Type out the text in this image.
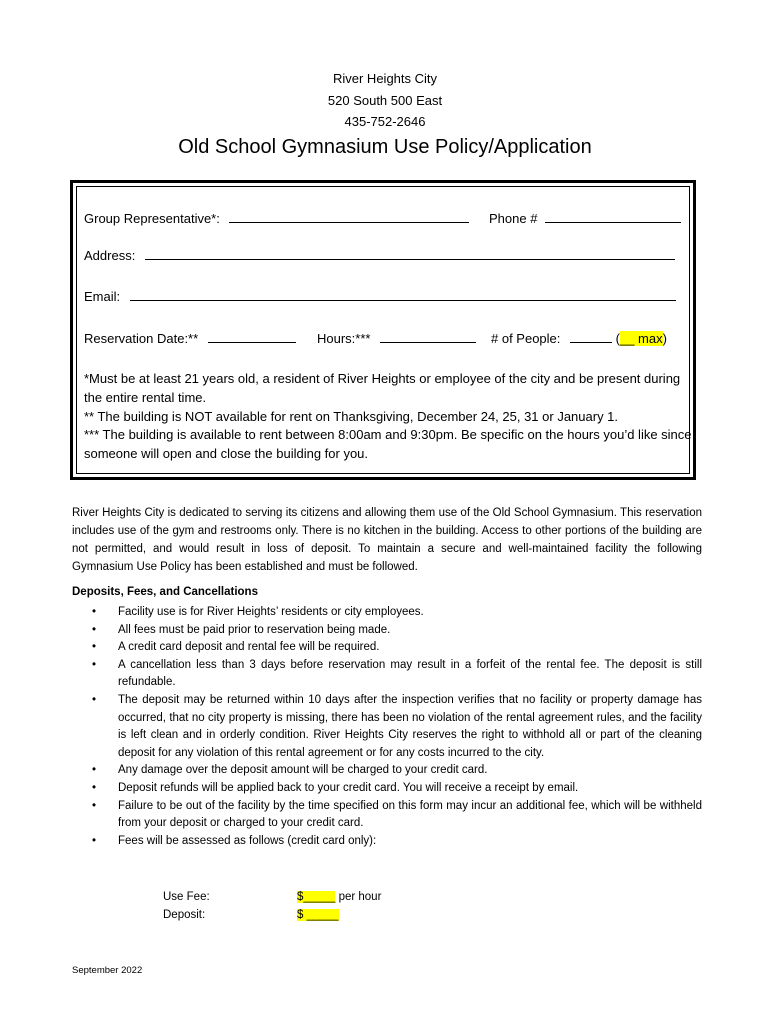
River Heights City
520 South 500 East
435-752-2646
Old School Gymnasium Use Policy/Application
Group Representative*:	Phone #
Address:
Email:
Reservation Date:**	Hours:***	# of People:	(__ max)
*Must be at least 21 years old, a resident of River Heights or employee of the city and be present during the entire rental time.
** The building is NOT available for rent on Thanksgiving, December 24, 25, 31 or January 1.
*** The building is available to rent between 8:00am and 9:30pm. Be specific on the hours you’d like since someone will open and close the building for you.
River Heights City is dedicated to serving its citizens and allowing them use of the Old School Gymnasium. This reservation includes use of the gym and restrooms only. There is no kitchen in the building. Access to other portions of the building are not permitted, and would result in loss of deposit. To maintain a secure and well-maintained facility the following Gymnasium Use Policy has been established and must be followed.
Deposits, Fees, and Cancellations
• Facility use is for River Heights’ residents or city employees.
• All fees must be paid prior to reservation being made.
• A credit card deposit and rental fee will be required.
• A cancellation less than 3 days before reservation may result in a forfeit of the rental fee. The deposit is still refundable.
• The deposit may be returned within 10 days after the inspection verifies that no facility or property damage has occurred, that no city property is missing, there has been no violation of the rental agreement rules, and the facility is left clean and in orderly condition. River Heights City reserves the right to withhold all or part of the cleaning deposit for any violation of this rental agreement or for any costs incurred to the city.
• Any damage over the deposit amount will be charged to your credit card.
• Deposit refunds will be applied back to your credit card. You will receive a receipt by email.
• Failure to be out of the facility by the time specified on this form may incur an additional fee, which will be withheld from your deposit or charged to your credit card.
• Fees will be assessed as follows (credit card only):
Use Fee:	$_____ per hour
Deposit:	$ _____
September 2022
